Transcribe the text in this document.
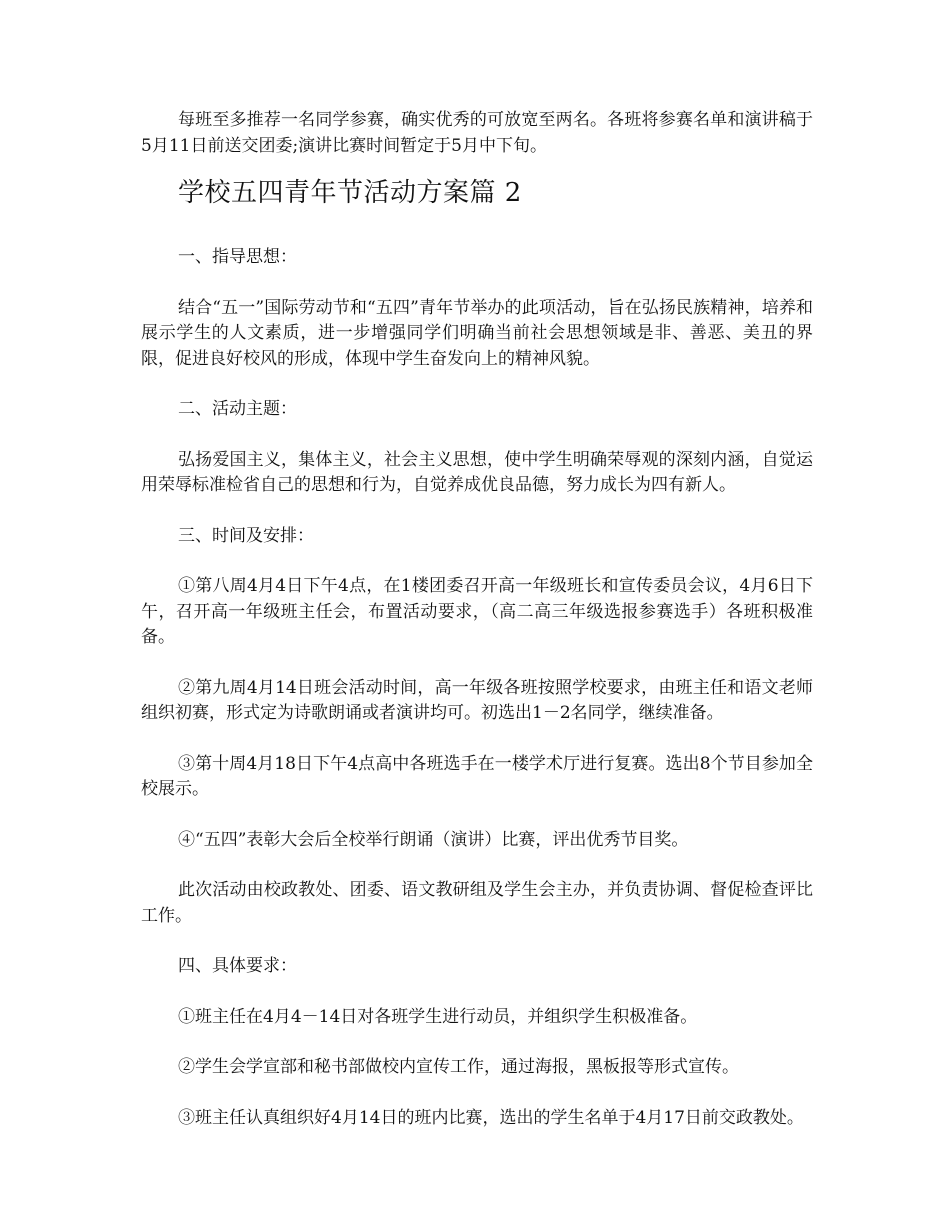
每班至多推荐一名同学参赛，确实优秀的可放宽至两名。各班将参赛名单和演讲稿于5月11日前送交团委;演讲比赛时间暂定于5月中下旬。

学校五四青年节活动方案篇 2

一、指导思想：

结合“五一”国际劳动节和“五四”青年节举办的此项活动，旨在弘扬民族精神，培养和展示学生的人文素质，进一步增强同学们明确当前社会思想领域是非、善恶、美丑的界限，促进良好校风的形成，体现中学生奋发向上的精神风貌。

二、活动主题：

弘扬爱国主义，集体主义，社会主义思想，使中学生明确荣辱观的深刻内涵，自觉运用荣辱标准检省自己的思想和行为，自觉养成优良品德，努力成长为四有新人。

三、时间及安排：

①第八周4月4日下午4点，在1楼团委召开高一年级班长和宣传委员会议，4月6日下午，召开高一年级班主任会，布置活动要求，（高二高三年级选报参赛选手）各班积极准备。

②第九周4月14日班会活动时间，高一年级各班按照学校要求，由班主任和语文老师组织初赛，形式定为诗歌朗诵或者演讲均可。初选出1－2名同学，继续准备。

③第十周4月18日下午4点高中各班选手在一楼学术厅进行复赛。选出8个节目参加全校展示。

④“五四”表彰大会后全校举行朗诵（演讲）比赛，评出优秀节目奖。

此次活动由校政教处、团委、语文教研组及学生会主办，并负责协调、督促检查评比工作。

四、具体要求：

①班主任在4月4－14日对各班学生进行动员，并组织学生积极准备。

②学生会学宣部和秘书部做校内宣传工作，通过海报，黑板报等形式宣传。

③班主任认真组织好4月14日的班内比赛，选出的学生名单于4月17日前交政教处。
